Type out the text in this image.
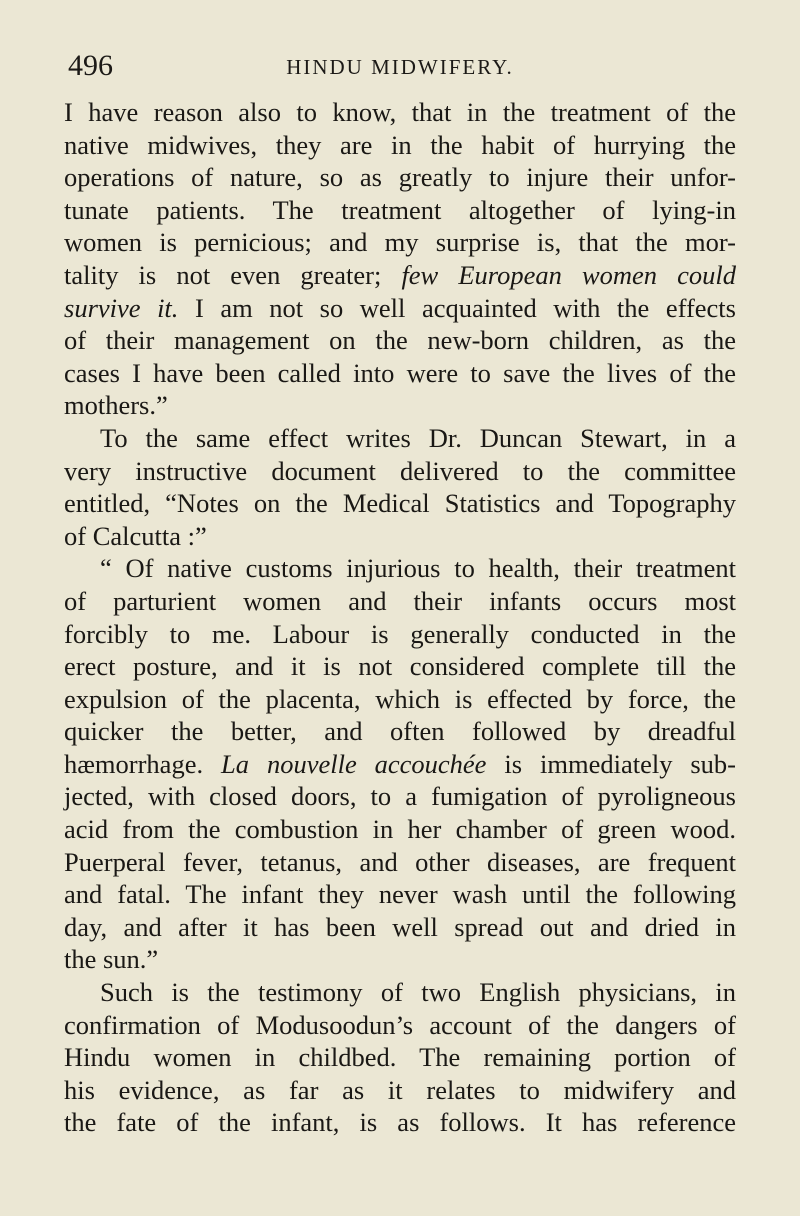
496	HINDU MIDWIFERY.
I have reason also to know, that in the treatment of the
native midwives, they are in the habit of hurrying the
operations of nature, so as greatly to injure their unfor-
tunate patients. The treatment altogether of lying-in
women is pernicious; and my surprise is, that the mor-
tality is not even greater; few European women could
survive it. I am not so well acquainted with the effects
of their management on the new-born children, as the
cases I have been called into were to save the lives of the
mothers.”
To the same effect writes Dr. Duncan Stewart, in a
very instructive document delivered to the committee
entitled, “Notes on the Medical Statistics and Topography
of Calcutta :”
“ Of native customs injurious to health, their treatment
of parturient women and their infants occurs most
forcibly to me. Labour is generally conducted in the
erect posture, and it is not considered complete till the
expulsion of the placenta, which is effected by force, the
quicker the better, and often followed by dreadful
hæmorrhage. La nouvelle accouchée is immediately sub-
jected, with closed doors, to a fumigation of pyroligneous
acid from the combustion in her chamber of green wood.
Puerperal fever, tetanus, and other diseases, are frequent
and fatal. The infant they never wash until the following
day, and after it has been well spread out and dried in
the sun.”
Such is the testimony of two English physicians, in
confirmation of Modusoodun’s account of the dangers of
Hindu women in childbed. The remaining portion of
his evidence, as far as it relates to midwifery and
the fate of the infant, is as follows. It has reference
